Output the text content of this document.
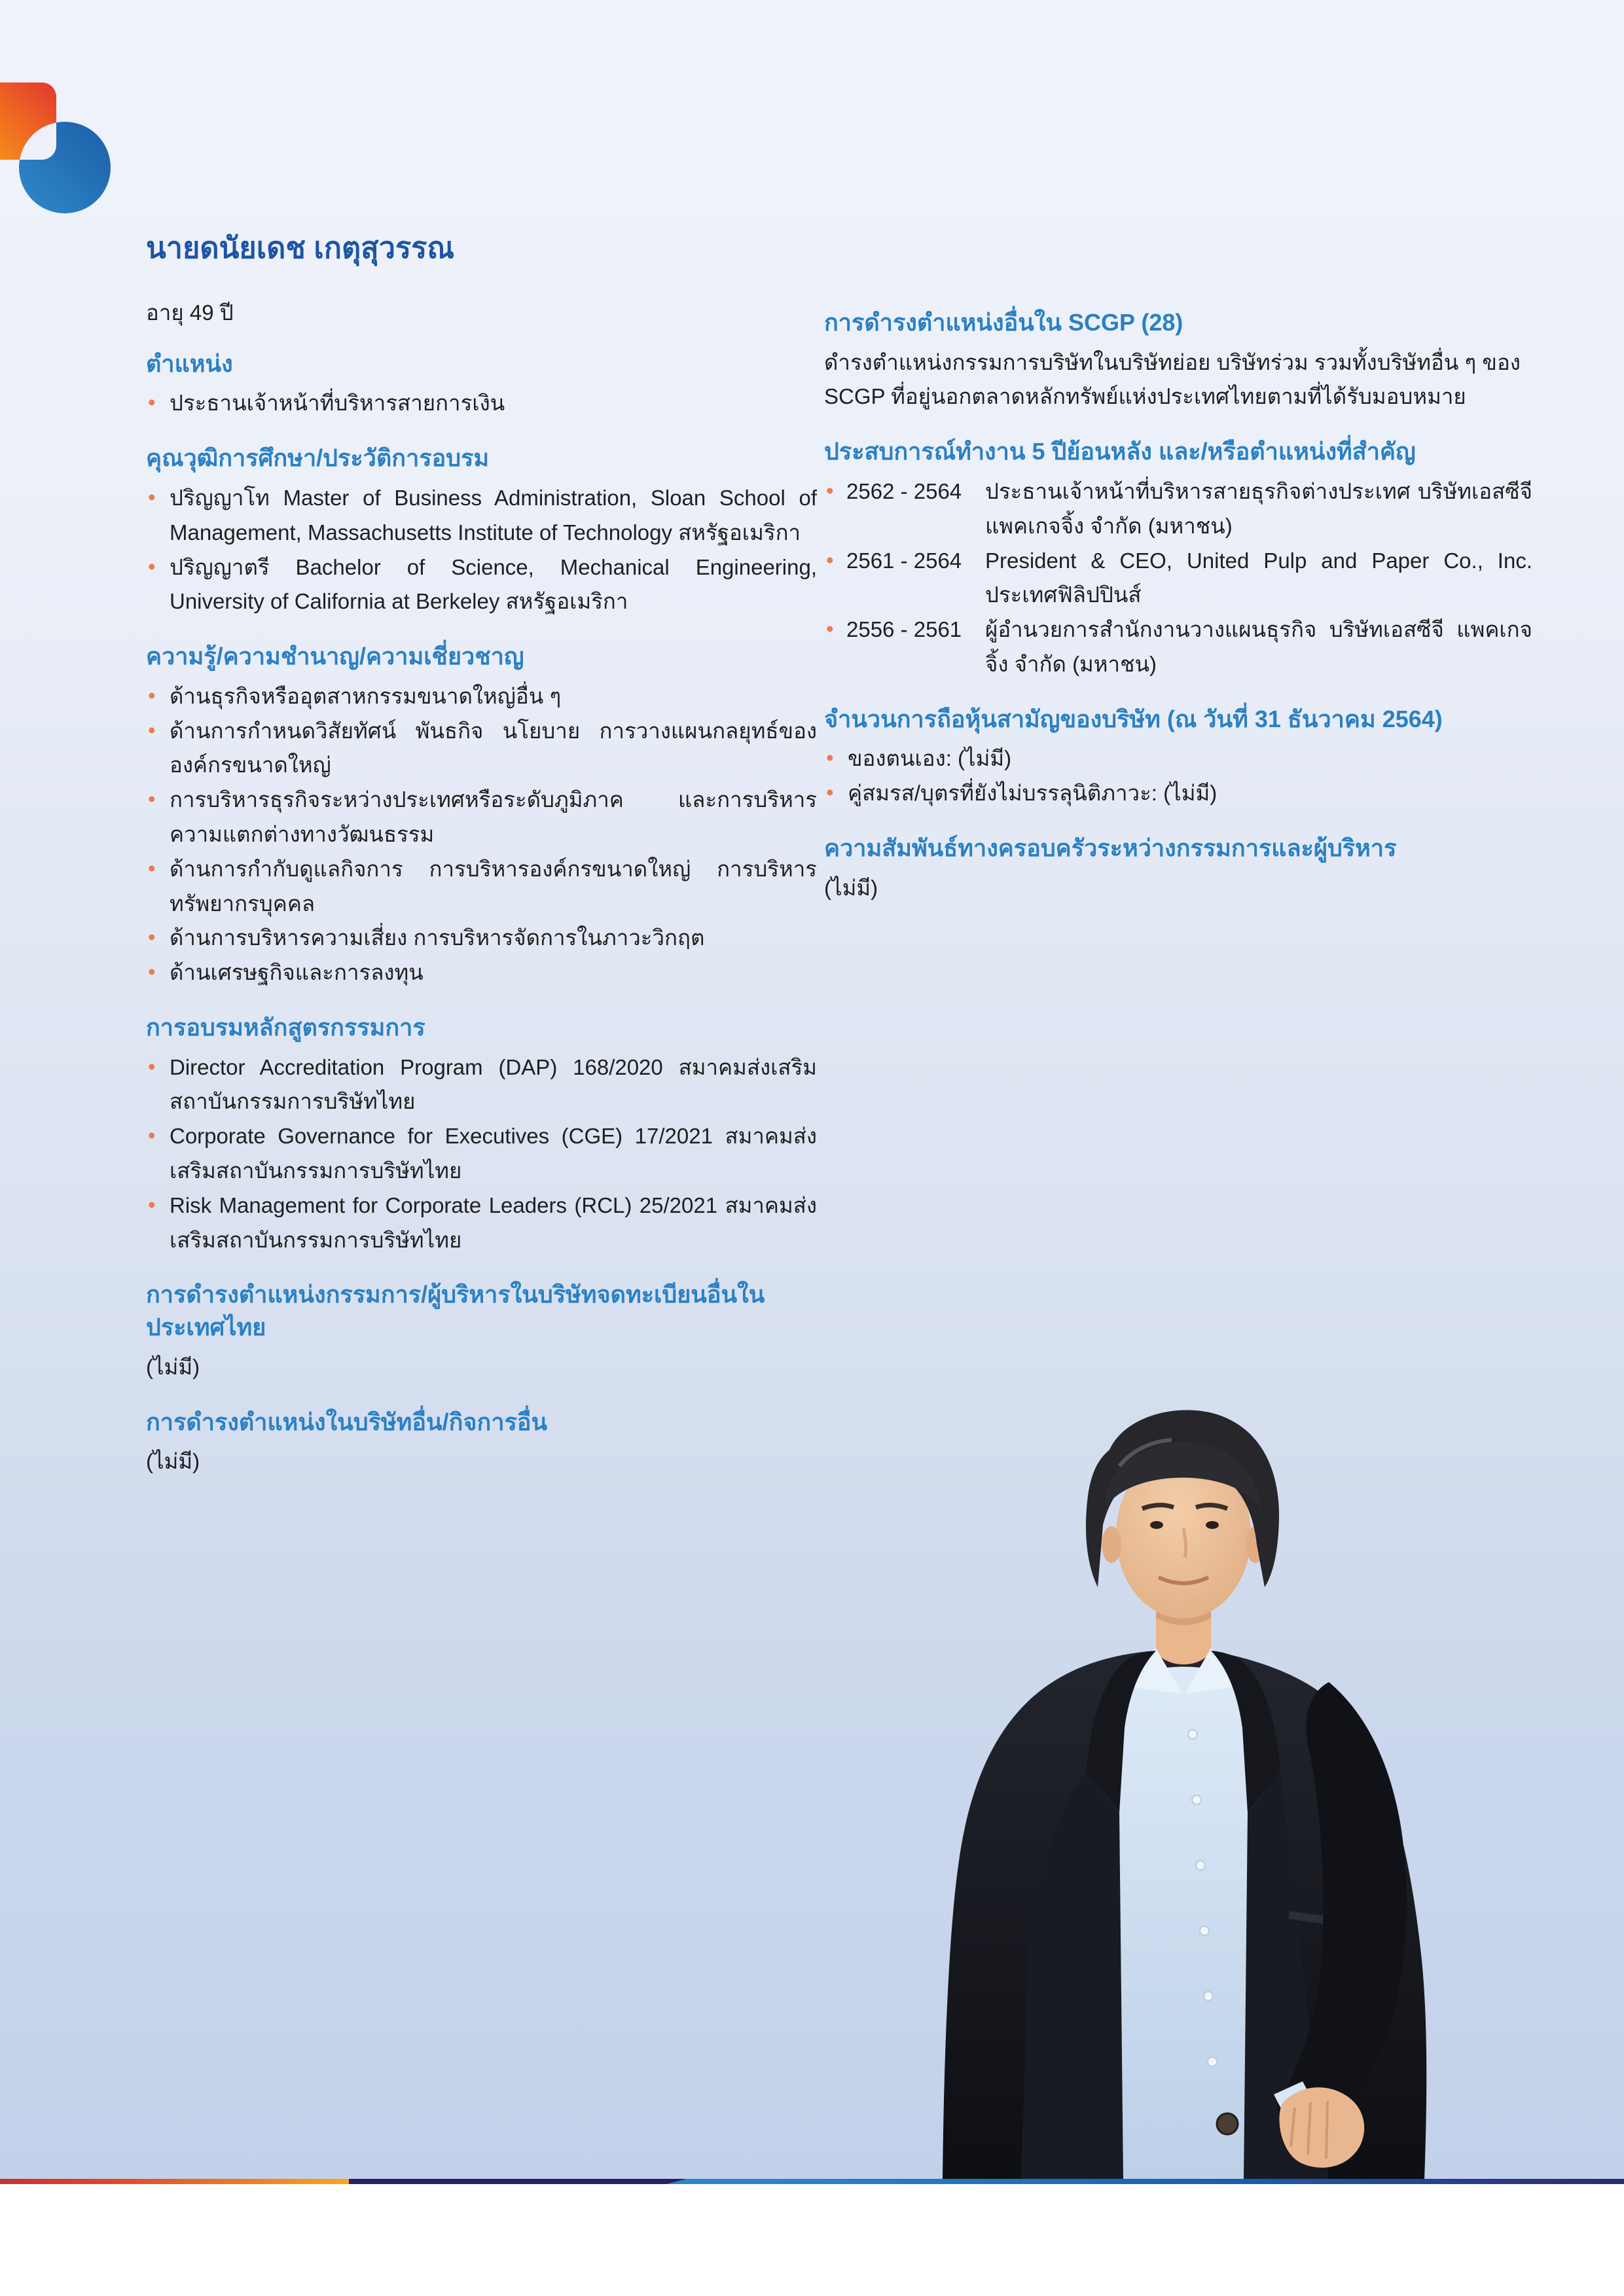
นายดนัยเดช เกตุสุวรรณ

อายุ 49 ปี

ตำแหน่ง
• ประธานเจ้าหน้าที่บริหารสายการเงิน
คุณวุฒิการศึกษา/ประวัติการอบรม
• ปริญญาโท Master of Business Administration, Sloan School of Management, Massachusetts Institute of Technology สหรัฐอเมริกา
• ปริญญาตรี Bachelor of Science, Mechanical Engineering, University of California at Berkeley สหรัฐอเมริกา
ความรู้/ความชำนาญ/ความเชี่ยวชาญ
• ด้านธุรกิจหรืออุตสาหกรรมขนาดใหญ่อื่น ๆ
• ด้านการกำหนดวิสัยทัศน์ พันธกิจ นโยบาย การวางแผนกลยุทธ์ขององค์กรขนาดใหญ่
• การบริหารธุรกิจระหว่างประเทศหรือระดับภูมิภาค และการบริหารความแตกต่างทางวัฒนธรรม
• ด้านการกำกับดูแลกิจการ การบริหารองค์กรขนาดใหญ่ การบริหารทรัพยากรบุคคล
• ด้านการบริหารความเสี่ยง การบริหารจัดการในภาวะวิกฤต
• ด้านเศรษฐกิจและการลงทุน
การอบรมหลักสูตรกรรมการ
• Director Accreditation Program (DAP) 168/2020 สมาคมส่งเสริมสถาบันกรรมการบริษัทไทย
• Corporate Governance for Executives (CGE) 17/2021 สมาคมส่งเสริมสถาบันกรรมการบริษัทไทย
• Risk Management for Corporate Leaders (RCL) 25/2021 สมาคมส่งเสริมสถาบันกรรมการบริษัทไทย
การดำรงตำแหน่งกรรมการ/ผู้บริหารในบริษัทจดทะเบียนอื่นในประเทศไทย

(ไม่มี)

การดำรงตำแหน่งในบริษัทอื่น/กิจการอื่น

(ไม่มี)

การดำรงตำแหน่งอื่นใน SCGP (28)

ดำรงตำแหน่งกรรมการบริษัทในบริษัทย่อย บริษัทร่วม รวมทั้งบริษัทอื่น ๆ ของ SCGP ที่อยู่นอกตลาดหลักทรัพย์แห่งประเทศไทยตามที่ได้รับมอบหมาย

ประสบการณ์ทำงาน 5 ปีย้อนหลัง และ/หรือตำแหน่งที่สำคัญ
• 2562 - 2564	ประธานเจ้าหน้าที่บริหารสายธุรกิจต่างประเทศ บริษัทเอสซีจี แพคเกจจิ้ง จำกัด (มหาชน)
• 2561 - 2564	President & CEO, United Pulp and Paper Co., Inc. ประเทศฟิลิปปินส์
• 2556 - 2561	ผู้อำนวยการสำนักงานวางแผนธุรกิจ บริษัทเอสซีจี แพคเกจจิ้ง จำกัด (มหาชน)
จำนวนการถือหุ้นสามัญของบริษัท (ณ วันที่ 31 ธันวาคม 2564)
• ของตนเอง: (ไม่มี)
• คู่สมรส/บุตรที่ยังไม่บรรลุนิติภาวะ: (ไม่มี)
ความสัมพันธ์ทางครอบครัวระหว่างกรรมการและผู้บริหาร

(ไม่มี)
